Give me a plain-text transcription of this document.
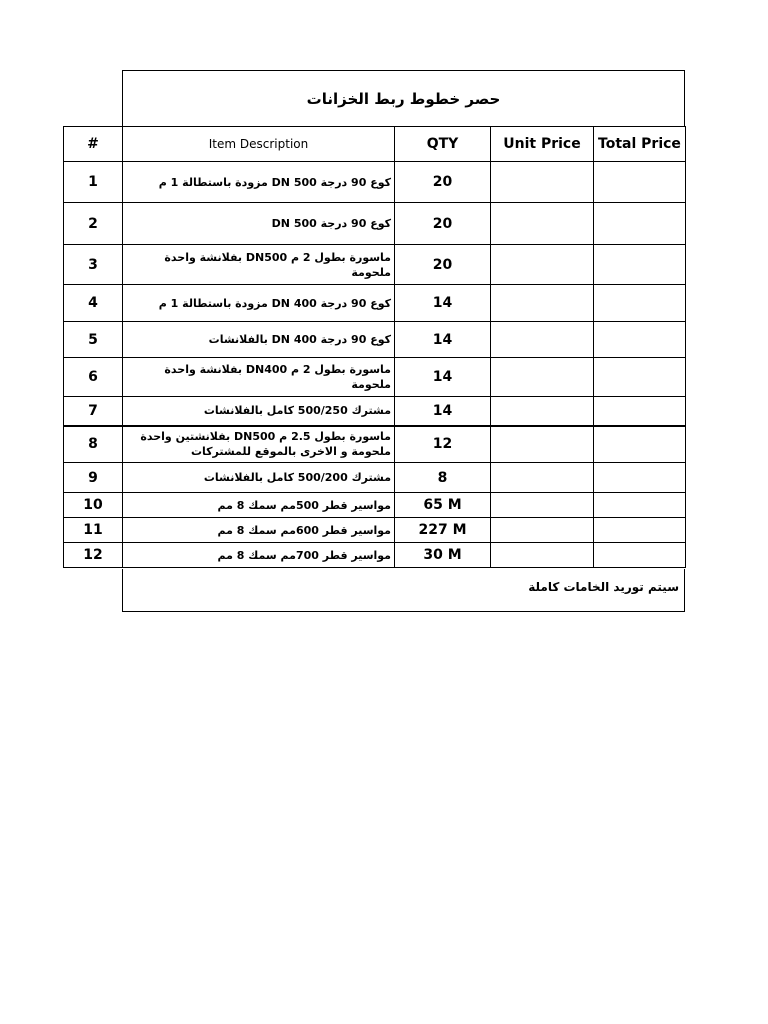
حصر خطوط ربط الخزانات
#	Item Description	QTY	Unit Price	Total Price
1	كوع 90 درجة DN 500 مزودة باستطالة 1 م	20		
2	كوع 90 درجة DN 500	20		
3	ماسورة بطول 2 م DN500 بفلانشة واحدة ملحومة	20		
4	كوع 90 درجة DN 400 مزودة باستطالة 1 م	14		
5	كوع 90 درجة DN 400 بالفلانشات	14		
6	ماسورة بطول 2 م DN400 بفلانشة واحدة ملحومة	14		
7	مشترك 500/250 كامل بالفلانشات	14		
8	ماسورة بطول 2.5 م DN500 بفلانشتين واحدة ملحومة و الاخرى بالموقع للمشتركات	12		
9	مشترك 500/200 كامل بالفلانشات	8		
10	مواسير قطر 500مم سمك 8 مم	65 M		
11	مواسير قطر 600مم سمك 8 مم	227 M		
12	مواسير قطر 700مم سمك 8 مم	30 M		
سيتم توريد الخامات كاملة
